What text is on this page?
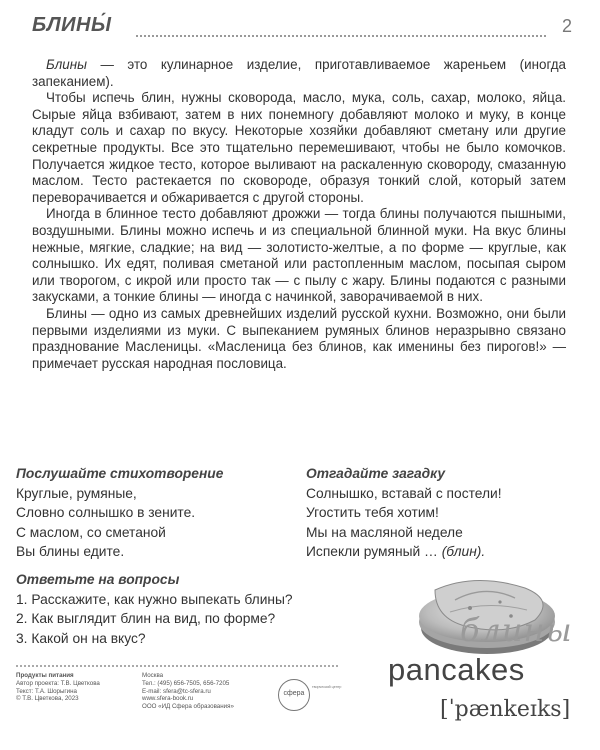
БЛИНЫ́	2

Блины — это кулинарное изделие, приготавливаемое жареньем (иногда запеканием).

Чтобы испечь блин, нужны сковорода, масло, мука, соль, сахар, молоко, яйца. Сырые яйца взбивают, затем в них понемногу добавляют молоко и муку, в конце кладут соль и сахар по вкусу. Некоторые хозяйки добавляют сметану или другие секретные продукты. Все это тщательно перемешивают, чтобы не было комочков. Получается жидкое тесто, которое выливают на раскаленную сковороду, смазанную маслом. Тесто растекается по сковороде, образуя тонкий слой, который затем переворачивается и обжаривается с другой стороны.

Иногда в блинное тесто добавляют дрожжи — тогда блины получаются пышными, воздушными. Блины можно испечь и из специальной блинной муки. На вкус блины нежные, мягкие, сладкие; на вид — золотисто-желтые, а по форме — круглые, как солнышко. Их едят, поливая сметаной или растопленным маслом, посыпая сыром или творогом, с икрой или просто так — с пылу с жару. Блины подаются с разными закусками, а тонкие блины — иногда с начинкой, заворачиваемой в них.

Блины — одно из самых древнейших изделий русской кухни. Возможно, они были первыми изделиями из муки. С выпеканием румяных блинов неразрывно связано празднование Масленицы. «Масленица без блинов, как именины без пирогов!» — примечает русская народная пословица.

Послушайте стихотворение
Круглые, румяные,
Словно солнышко в зените.
С маслом, со сметаной
Вы блины едите.
Отгадайте загадку
Солнышко, вставай с постели!
Угостить тебя хотим!
Мы на масляной неделе
Испекли румяный … (блин).
Ответьте на вопросы
1. Расскажите, как нужно выпекать блины?
2. Как выглядит блин на вид, по форме?
3. Какой он на вкус?	блины
pancakes
[ˈpænkeɪks]
Продукты питания
Автор проекта: Т.В. Цветкова
Текст: Т.А. Шорыгина
© Т.В. Цветкова, 2023
Москва
Тел.: (495) 656-7505, 656-7205
E-mail: sfera@tc-sfera.ru
www.sfera-book.ru
ООО «ИД Сфера образования»
сфера
творческий центр
